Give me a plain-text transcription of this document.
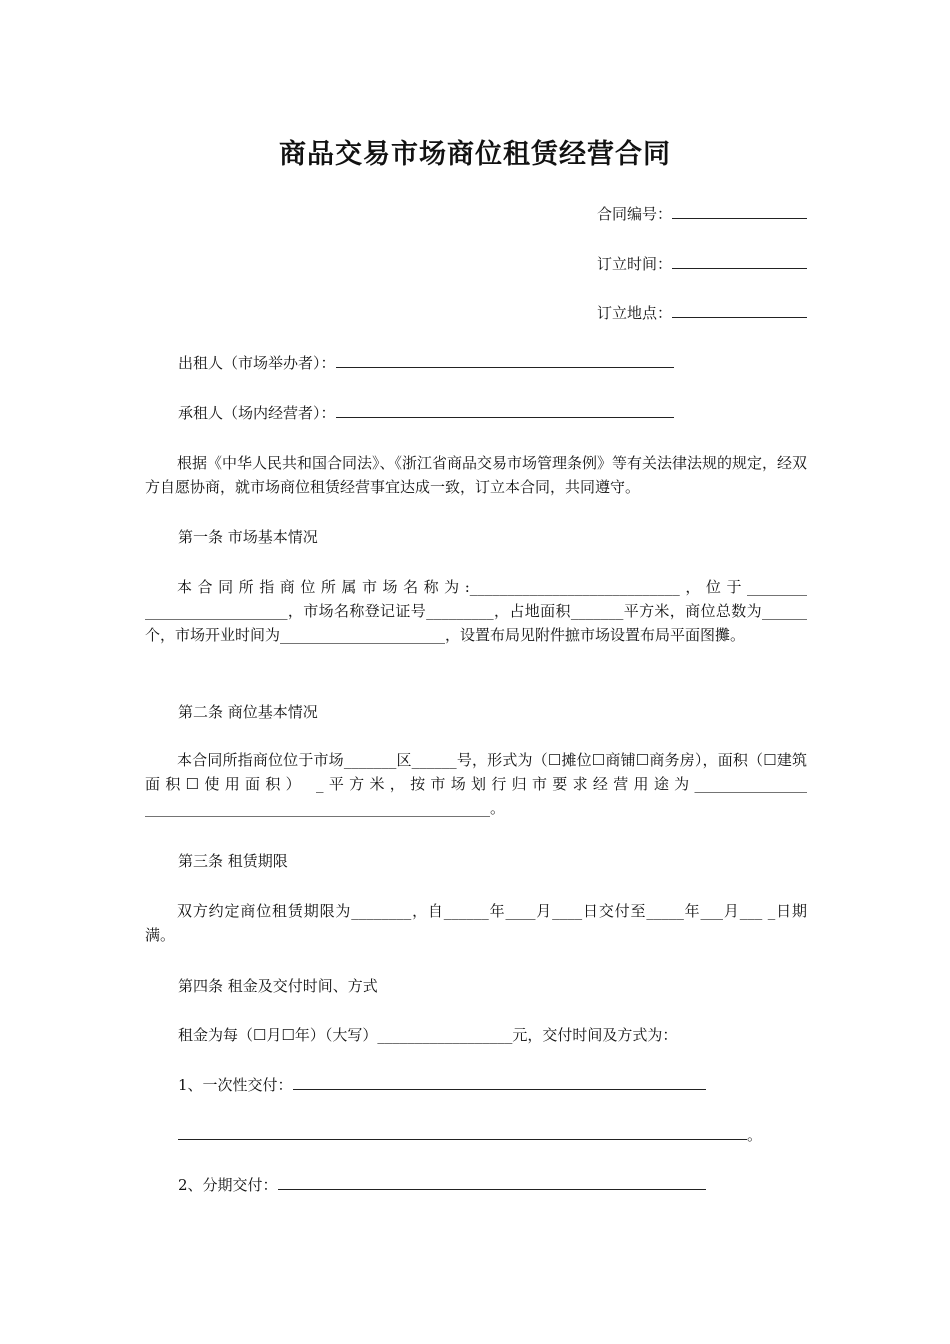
商品交易市场商位租赁经营合同
合同编号：
订立时间：
订立地点：
出租人（市场举办者）：
承租人（场内经营者）：

根据《中华人民共和国合同法》、《浙江省商品交易市场管理条例》等有关法律法规的规定，经双方自愿协商，就市场商位租赁经营事宜达成一致，订立本合同，共同遵守。

第一条 市场基本情况

本合同所指商位所属市场名称为:____________________________，位于________ ___________________，市场名称登记证号_________，占地面积_______平方米，商位总数为______个，市场开业时间为______________________，设置布局见附件摭市场设置布局平面图攤。

第二条 商位基本情况

本合同所指商位位于市场_______区______号，形式为（☐摊位☐商铺☐商务房），面积（☐建筑面积☐使用面积） _平方米，按市场划行归市要求经营用途为_______________ ______________________________________________。

第三条 租赁期限

双方约定商位租赁期限为________，自______年____月____日交付至_____年___月___ _日期满。

第四条 租金及交付时间、方式
租金为每（☐月☐年）（大写）__________________元，交付时间及方式为：
1、一次性交付：
。
2、分期交付：
